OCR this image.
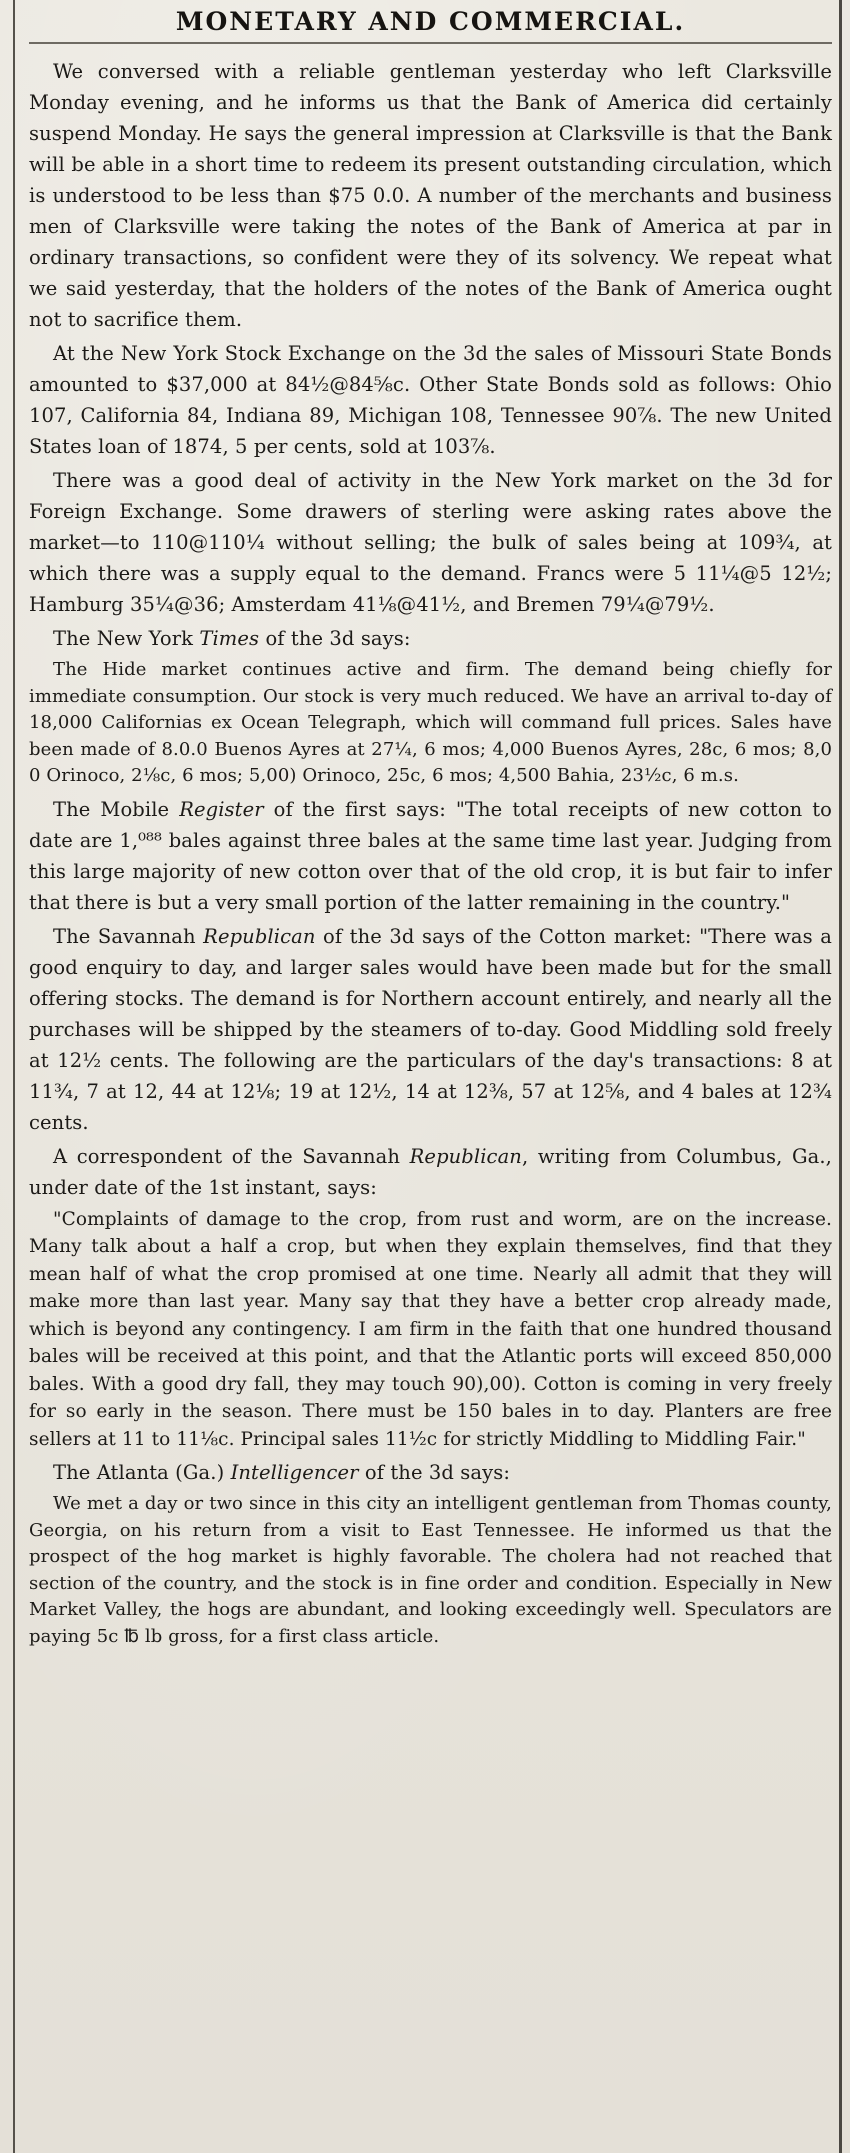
MONETARY AND COMMERCIAL.

We conversed with a reliable gentleman yesterday who left Clarksville Monday evening, and he informs us that the Bank of America did certainly suspend Monday. He says the general impression at Clarksville is that the Bank will be able in a short time to redeem its present outstanding circulation, which is understood to be less than $75 0.0. A number of the merchants and business men of Clarksville were taking the notes of the Bank of America at par in ordinary transactions, so confident were they of its solvency. We repeat what we said yesterday, that the holders of the notes of the Bank of America ought not to sacrifice them.

At the New York Stock Exchange on the 3d the sales of Missouri State Bonds amounted to $37,000 at 84½@84⅝c. Other State Bonds sold as follows: Ohio 107, California 84, Indiana 89, Michigan 108, Tennessee 90⅞. The new United States loan of 1874, 5 per cents, sold at 103⅞.

There was a good deal of activity in the New York market on the 3d for Foreign Exchange. Some drawers of sterling were asking rates above the market—to 110@110¼ without selling; the bulk of sales being at 109¾, at which there was a supply equal to the demand. Francs were 5 11¼@5 12½; Hamburg 35¼@36; Amsterdam 41⅛@41½, and Bremen 79¼@79½.

The New York Times of the 3d says:

The Hide market continues active and firm. The demand being chiefly for immediate consumption. Our stock is very much reduced. We have an arrival to-day of 18,000 Californias ex Ocean Telegraph, which will command full prices. Sales have been made of 8.0.0 Buenos Ayres at 27¼, 6 mos; 4,000 Buenos Ayres, 28c, 6 mos; 8,0 0 Orinoco, 2⅛c, 6 mos; 5,00) Orinoco, 25c, 6 mos; 4,500 Bahia, 23½c, 6 m.s.

The Mobile Register of the first says: "The total receipts of new cotton to date are 1,⁰⁸⁸ bales against three bales at the same time last year. Judging from this large majority of new cotton over that of the old crop, it is but fair to infer that there is but a very small portion of the latter remaining in the country."

The Savannah Republican of the 3d says of the Cotton market: "There was a good enquiry to day, and larger sales would have been made but for the small offering stocks. The demand is for Northern account entirely, and nearly all the purchases will be shipped by the steamers of to-day. Good Middling sold freely at 12½ cents. The following are the particulars of the day's transactions: 8 at 11¾, 7 at 12, 44 at 12⅛; 19 at 12½, 14 at 12⅜, 57 at 12⅝, and 4 bales at 12¾ cents.

A correspondent of the Savannah Republican, writing from Columbus, Ga., under date of the 1st instant, says:

"Complaints of damage to the crop, from rust and worm, are on the increase. Many talk about a half a crop, but when they explain themselves, find that they mean half of what the crop promised at one time. Nearly all admit that they will make more than last year. Many say that they have a better crop already made, which is beyond any contingency. I am firm in the faith that one hundred thousand bales will be received at this point, and that the Atlantic ports will exceed 850,000 bales. With a good dry fall, they may touch 90),00). Cotton is coming in very freely for so early in the season. There must be 150 bales in to day. Planters are free sellers at 11 to 11⅛c. Principal sales 11½c for strictly Middling to Middling Fair."

The Atlanta (Ga.) Intelligencer of the 3d says:

We met a day or two since in this city an intelligent gentleman from Thomas county, Georgia, on his return from a visit to East Tennessee. He informed us that the prospect of the hog market is highly favorable. The cholera had not reached that section of the country, and the stock is in fine order and condition. Especially in New Market Valley, the hogs are abundant, and looking exceedingly well. Speculators are paying 5c ℔ lb gross, for a first class article.
